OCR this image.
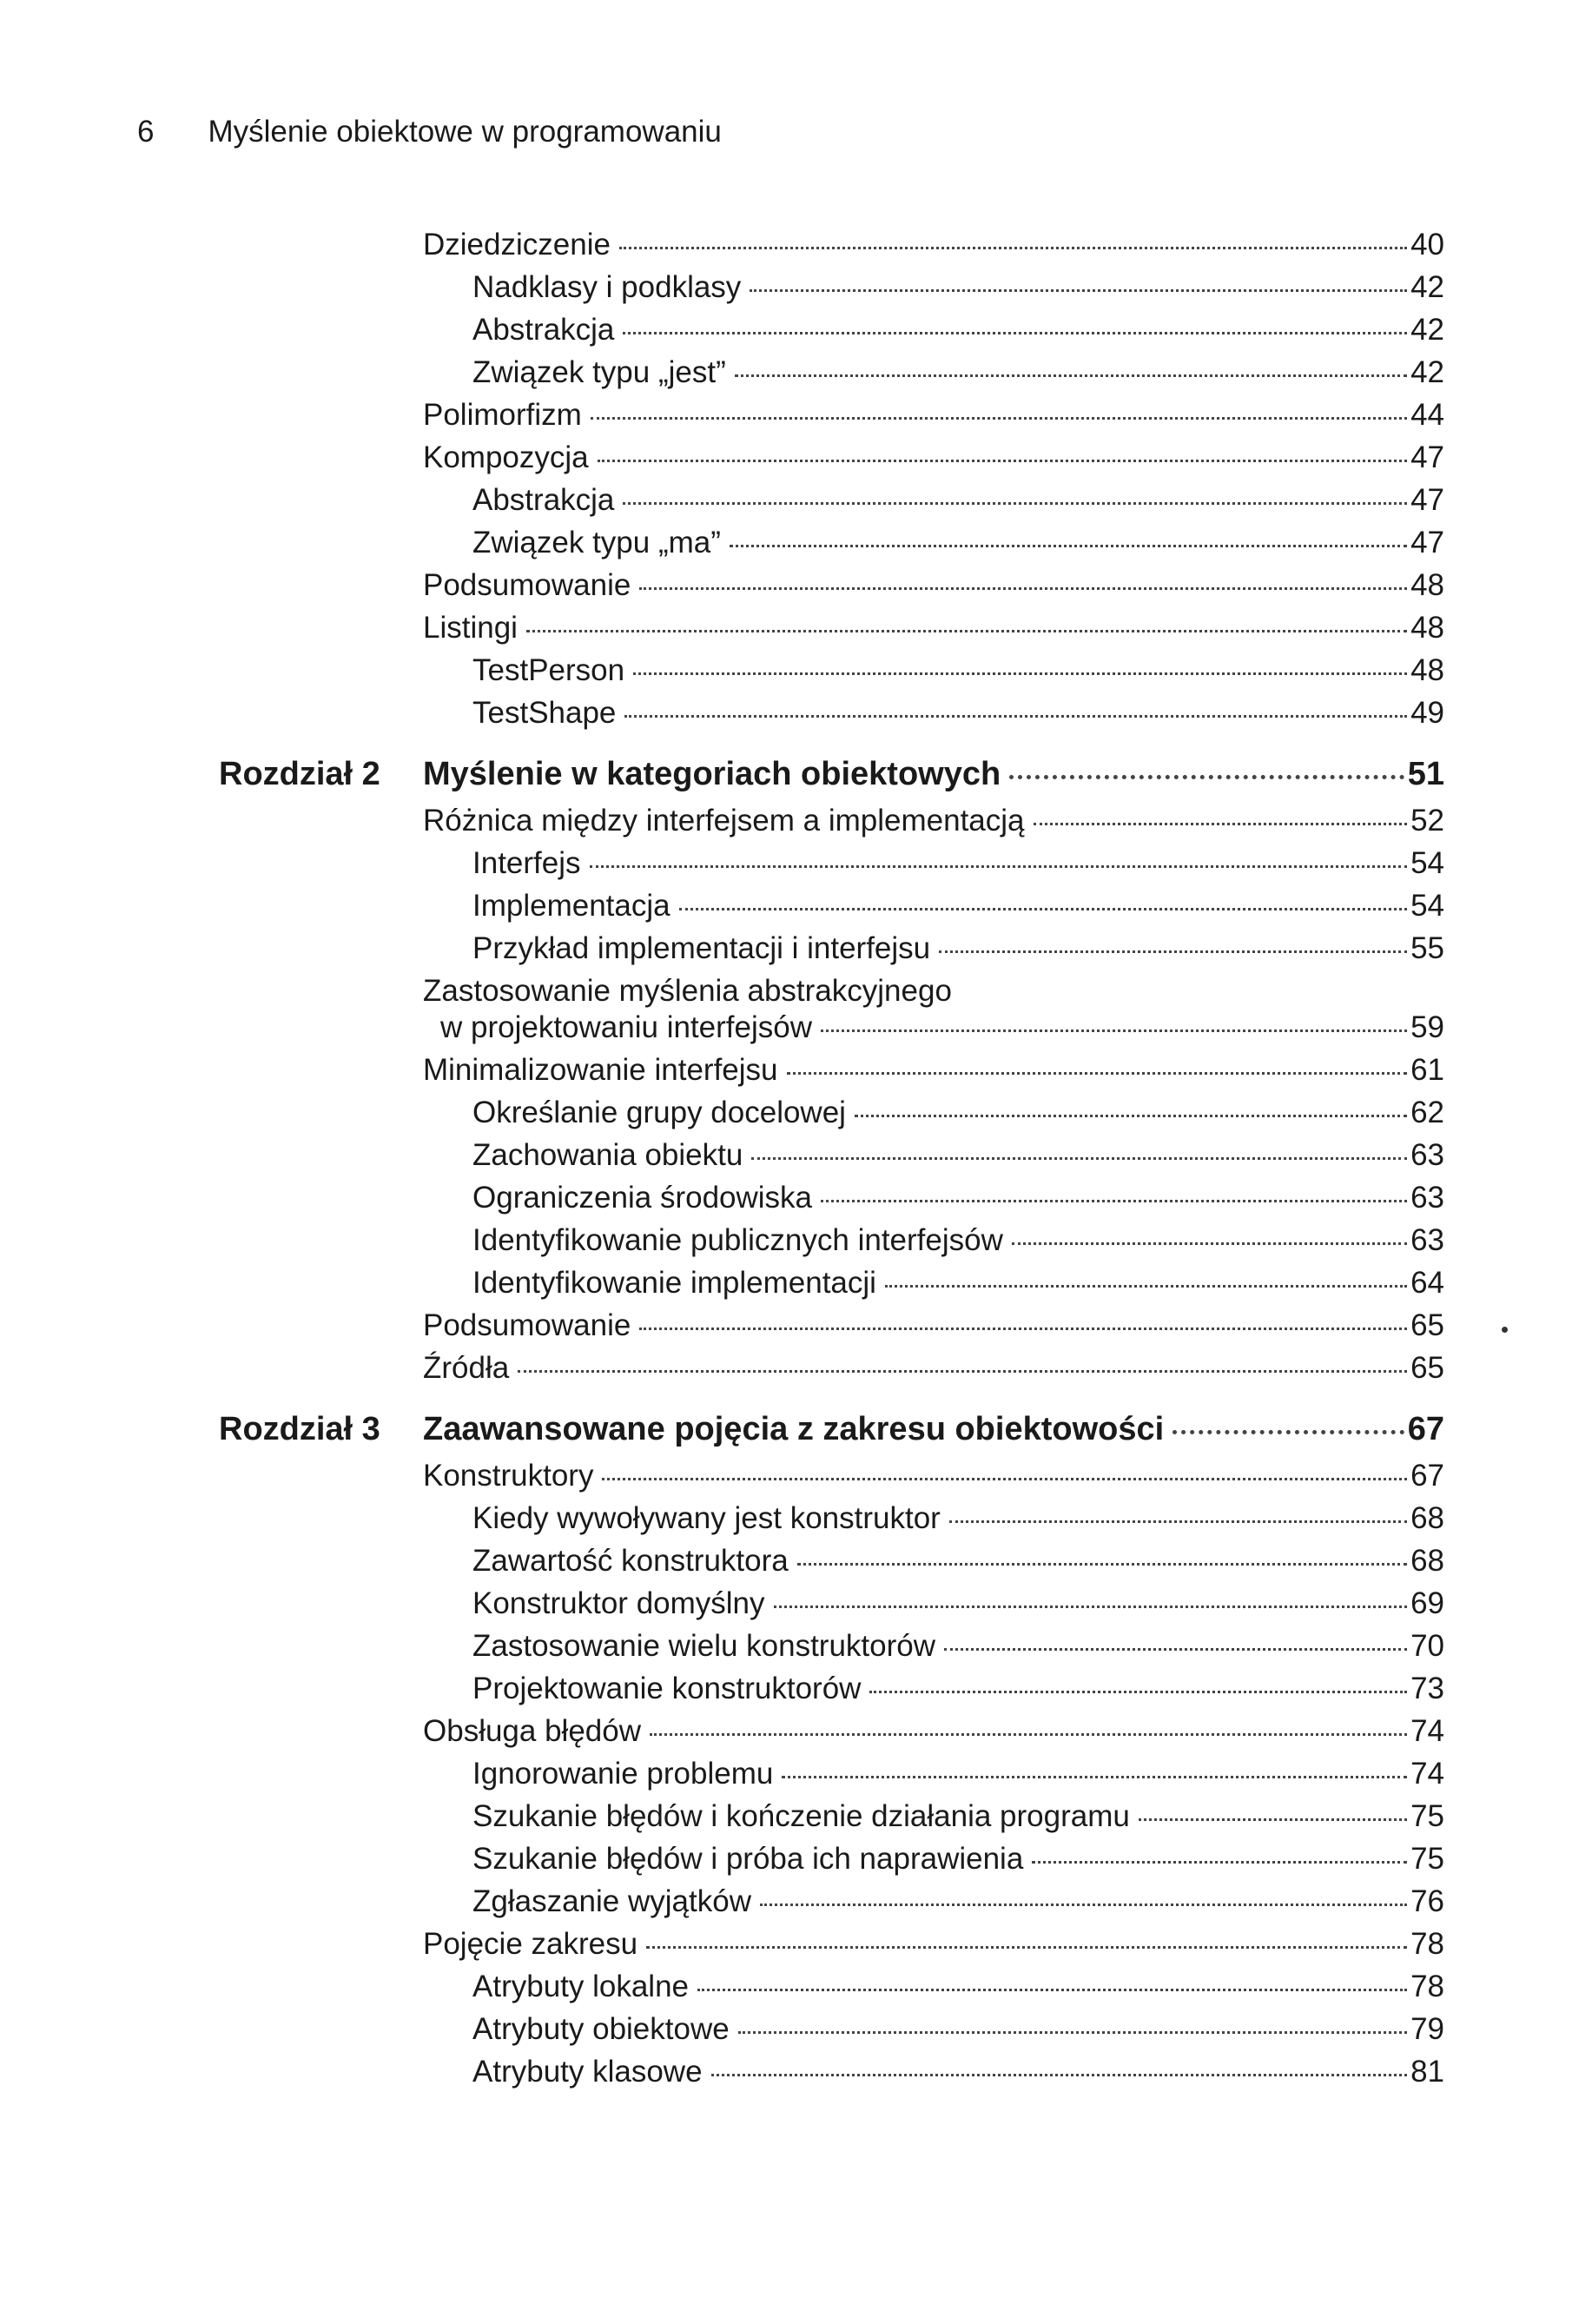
6 Myślenie obiektowe w programowaniu
Dziedziczenie	40
Nadklasy i podklasy	42
Abstrakcja	42
Związek typu „jest”	42
Polimorfizm	44
Kompozycja	47
Abstrakcja	47
Związek typu „ma”	47
Podsumowanie	48
Listingi	48
TestPerson	48
TestShape	49
Rozdział 2 Myślenie w kategoriach obiektowych	51
Różnica między interfejsem a implementacją	52
Interfejs	54
Implementacja	54
Przykład implementacji i interfejsu	55
Zastosowanie myślenia abstrakcyjnego
w projektowaniu interfejsów	59
Minimalizowanie interfejsu	61
Określanie grupy docelowej	62
Zachowania obiektu	63
Ograniczenia środowiska	63
Identyfikowanie publicznych interfejsów	63
Identyfikowanie implementacji	64
Podsumowanie	65
Źródła	65
Rozdział 3 Zaawansowane pojęcia z zakresu obiektowości	67
Konstruktory	67
Kiedy wywoływany jest konstruktor	68
Zawartość konstruktora	68
Konstruktor domyślny	69
Zastosowanie wielu konstruktorów	70
Projektowanie konstruktorów	73
Obsługa błędów	74
Ignorowanie problemu	74
Szukanie błędów i kończenie działania programu	75
Szukanie błędów i próba ich naprawienia	75
Zgłaszanie wyjątków	76
Pojęcie zakresu	78
Atrybuty lokalne	78
Atrybuty obiektowe	79
Atrybuty klasowe	81
